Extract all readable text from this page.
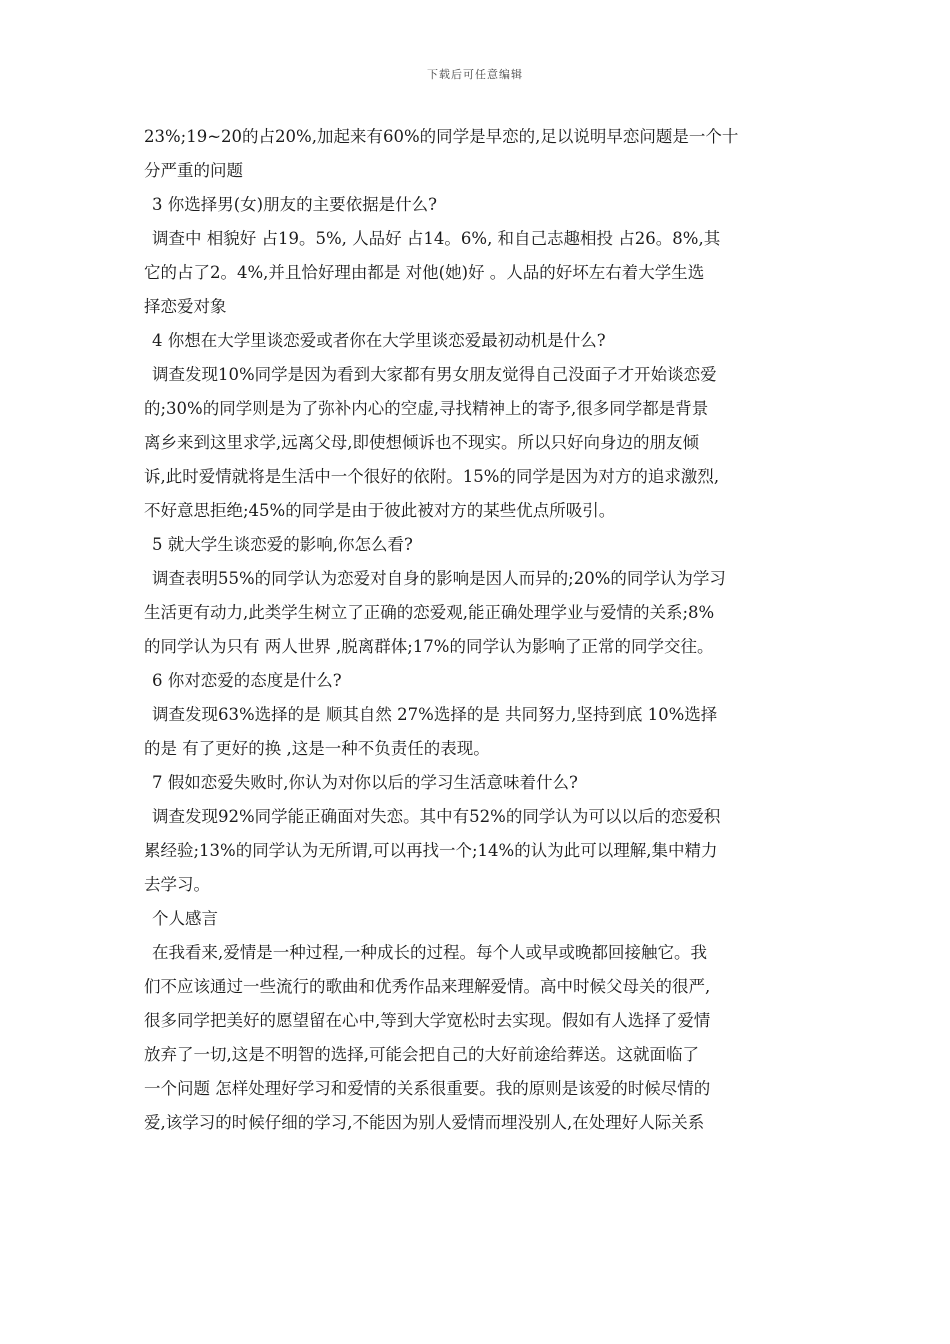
下载后可任意编辑
23%;19~20的占20%,加起来有60%的同学是早恋的,足以说明早恋问题是一个十
分严重的问题
3 你选择男(女)朋友的主要依据是什么?
调查中 相貌好 占19。5%, 人品好 占14。6%, 和自己志趣相投 占26。8%,其
它的占了2。4%,并且恰好理由都是 对他(她)好 。人品的好坏左右着大学生选
择恋爱对象
4 你想在大学里谈恋爱或者你在大学里谈恋爱最初动机是什么?
调查发现10%同学是因为看到大家都有男女朋友觉得自己没面子才开始谈恋爱
的;30%的同学则是为了弥补内心的空虚,寻找精神上的寄予,很多同学都是背景
离乡来到这里求学,远离父母,即使想倾诉也不现实。所以只好向身边的朋友倾
诉,此时爱情就将是生活中一个很好的依附。15%的同学是因为对方的追求激烈,
不好意思拒绝;45%的同学是由于彼此被对方的某些优点所吸引。
5 就大学生谈恋爱的影响,你怎么看?
调查表明55%的同学认为恋爱对自身的影响是因人而异的;20%的同学认为学习
生活更有动力,此类学生树立了正确的恋爱观,能正确处理学业与爱情的关系;8%
的同学认为只有 两人世界 ,脱离群体;17%的同学认为影响了正常的同学交往。
6 你对恋爱的态度是什么?
调查发现63%选择的是 顺其自然 27%选择的是 共同努力,坚持到底 10%选择
的是 有了更好的换 ,这是一种不负责任的表现。
7 假如恋爱失败时,你认为对你以后的学习生活意味着什么?
调查发现92%同学能正确面对失恋。其中有52%的同学认为可以以后的恋爱积
累经验;13%的同学认为无所谓,可以再找一个;14%的认为此可以理解,集中精力
去学习。
个人感言
在我看来,爱情是一种过程,一种成长的过程。每个人或早或晚都回接触它。我
们不应该通过一些流行的歌曲和优秀作品来理解爱情。高中时候父母关的很严,
很多同学把美好的愿望留在心中,等到大学宽松时去实现。假如有人选择了爱情
放弃了一切,这是不明智的选择,可能会把自己的大好前途给葬送。这就面临了
一个问题 怎样处理好学习和爱情的关系很重要。我的原则是该爱的时候尽情的
爱,该学习的时候仔细的学习,不能因为别人爱情而埋没别人,在处理好人际关系
